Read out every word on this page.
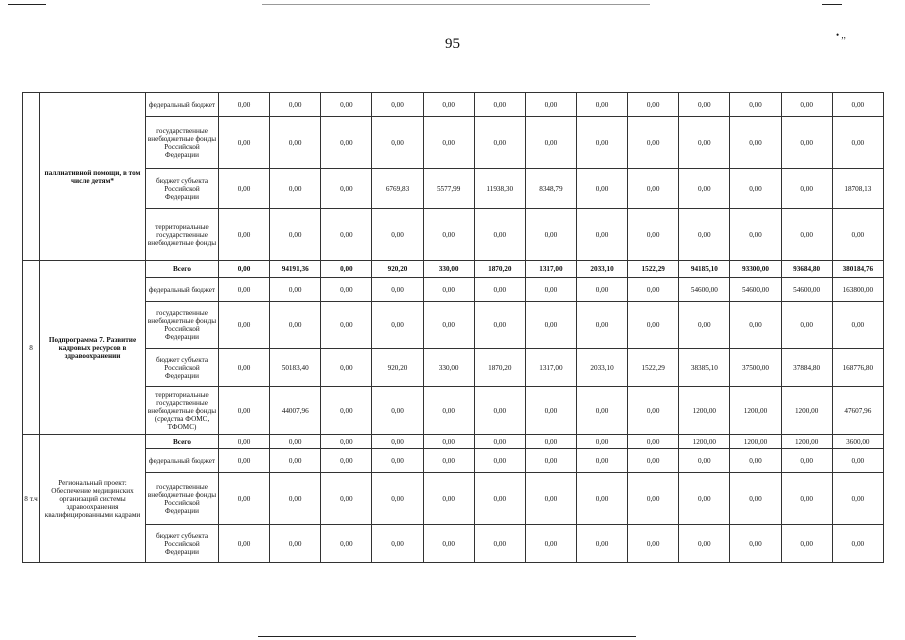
95
• ,,
	паллиативной помощи, в том числе детям*	федеральный бюджет	0,00	0,00	0,00	0,00	0,00	0,00	0,00	0,00	0,00	0,00	0,00	0,00	0,00
		государственные внебюджетные фонды Российской Федерации	0,00	0,00	0,00	0,00	0,00	0,00	0,00	0,00	0,00	0,00	0,00	0,00	0,00
		бюджет субъекта Российской Федерации	0,00	0,00	0,00	6769,83	5577,99	11938,30	8348,79	0,00	0,00	0,00	0,00	0,00	18708,13
		территориальные государственные внебюджетные фонды	0,00	0,00	0,00	0,00	0,00	0,00	0,00	0,00	0,00	0,00	0,00	0,00	0,00
8	Подпрограмма 7. Развитие кадровых ресурсов в здравоохранении	Всего	0,00	94191,36	0,00	920,20	330,00	1870,20	1317,00	2033,10	1522,29	94185,10	93300,00	93684,80	380184,76
		федеральный бюджет	0,00	0,00	0,00	0,00	0,00	0,00	0,00	0,00	0,00	54600,00	54600,00	54600,00	163800,00
		государственные внебюджетные фонды Российской Федерации	0,00	0,00	0,00	0,00	0,00	0,00	0,00	0,00	0,00	0,00	0,00	0,00	0,00
		бюджет субъекта Российской Федерации	0,00	50183,40	0,00	920,20	330,00	1870,20	1317,00	2033,10	1522,29	38385,10	37500,00	37884,80	168776,80
		территориальные государственные внебюджетные фонды (средства ФОМС, ТФОМС)	0,00	44007,96	0,00	0,00	0,00	0,00	0,00	0,00	0,00	1200,00	1200,00	1200,00	47607,96
8 т.ч	Региональный проект: Обеспечение медицинских организаций системы здравоохранения квалифицированными кадрами	Всего	0,00	0,00	0,00	0,00	0,00	0,00	0,00	0,00	0,00	1200,00	1200,00	1200,00	3600,00
		федеральный бюджет	0,00	0,00	0,00	0,00	0,00	0,00	0,00	0,00	0,00	0,00	0,00	0,00	0,00
		государственные внебюджетные фонды Российской Федерации	0,00	0,00	0,00	0,00	0,00	0,00	0,00	0,00	0,00	0,00	0,00	0,00	0,00
		бюджет субъекта Российской Федерации	0,00	0,00	0,00	0,00	0,00	0,00	0,00	0,00	0,00	0,00	0,00	0,00	0,00
